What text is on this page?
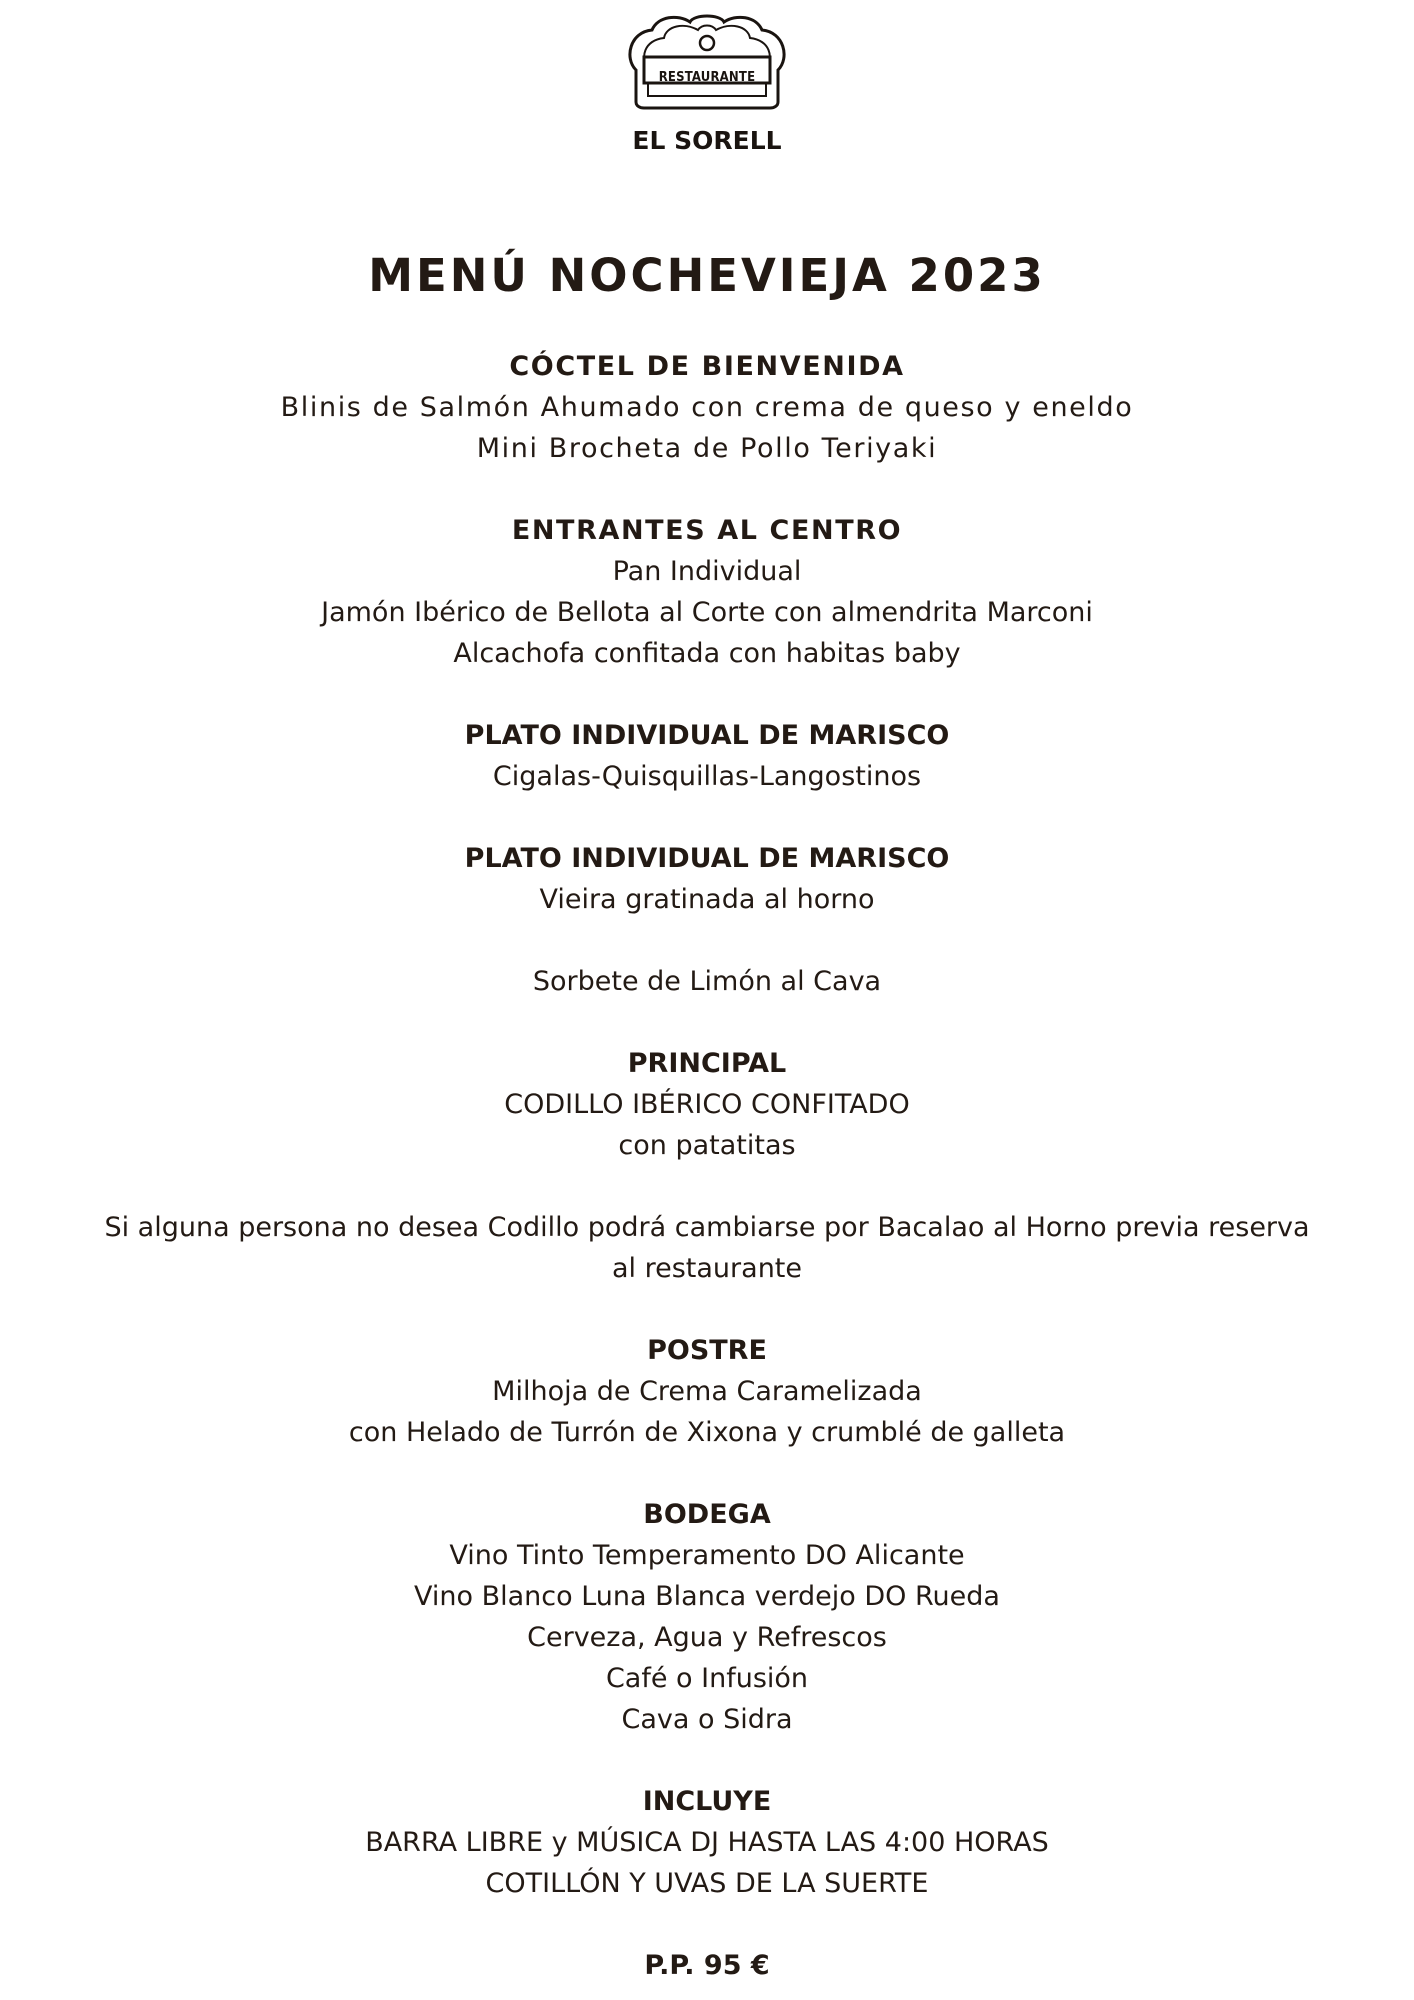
RESTAURANTE
EL SORELL
MENÚ NOCHEVIEJA 2023
CÓCTEL DE BIENVENIDA
Blinis de Salmón Ahumado con crema de queso y eneldo
Mini Brocheta de Pollo Teriyaki
ENTRANTES AL CENTRO
Pan Individual
Jamón Ibérico de Bellota al Corte con almendrita Marconi
Alcachofa confitada con habitas baby
PLATO INDIVIDUAL DE MARISCO
Cigalas-Quisquillas-Langostinos
PLATO INDIVIDUAL DE MARISCO
Vieira gratinada al horno
Sorbete de Limón al Cava
PRINCIPAL
CODILLO IBÉRICO CONFITADO
con patatitas
Si alguna persona no desea Codillo podrá cambiarse por Bacalao al Horno previa reserva al restaurante
POSTRE
Milhoja de Crema Caramelizada
con Helado de Turrón de Xixona y crumblé de galleta
BODEGA
Vino Tinto Temperamento DO Alicante
Vino Blanco Luna Blanca verdejo DO Rueda
Cerveza, Agua y Refrescos
Café o Infusión
Cava o Sidra
INCLUYE
BARRA LIBRE y MÚSICA DJ HASTA LAS 4:00 HORAS
COTILLÓN Y UVAS DE LA SUERTE
P.P. 95 €
